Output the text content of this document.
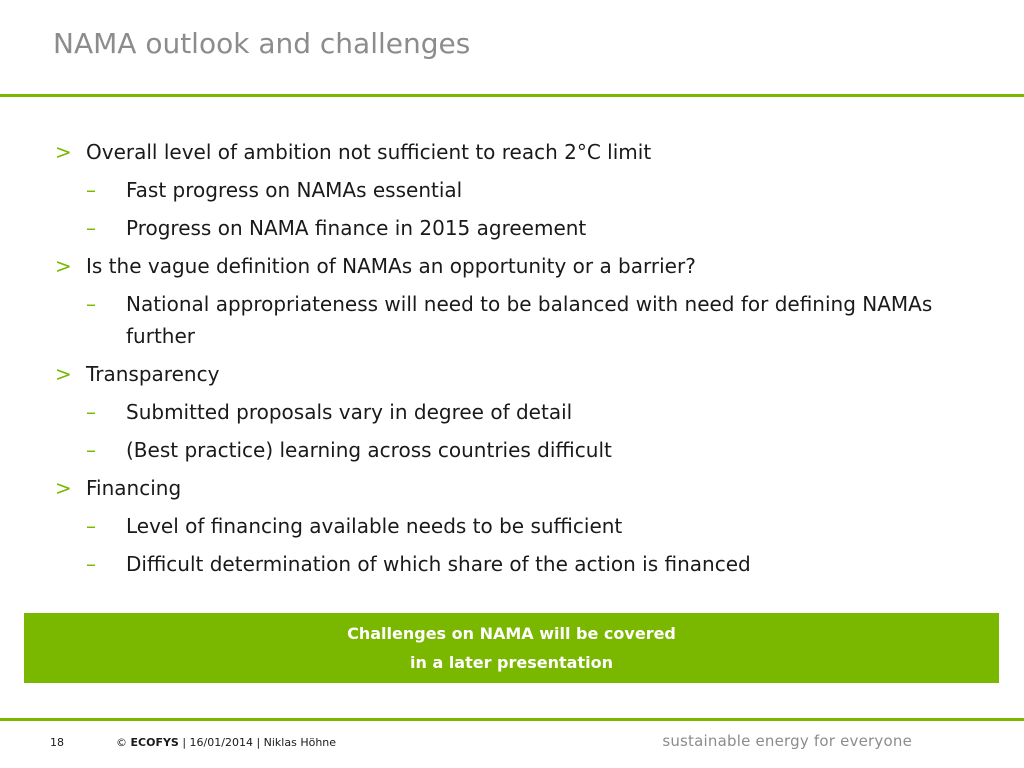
NAMA outlook and challenges
> Overall level of ambition not sufficient to reach 2°C limit
– Fast progress on NAMAs essential
– Progress on NAMA finance in 2015 agreement
> Is the vague definition of NAMAs an opportunity or a barrier?
– National appropriateness will need to be balanced with need for defining NAMAs further
> Transparency
– Submitted proposals vary in degree of detail
– (Best practice) learning across countries difficult
> Financing
– Level of financing available needs to be sufficient
– Difficult determination of which share of the action is financed
Challenges on NAMA will be covered
in a later presentation
18	© ECOFYS | 16/01/2014 | Niklas Höhne	sustainable energy for everyone
